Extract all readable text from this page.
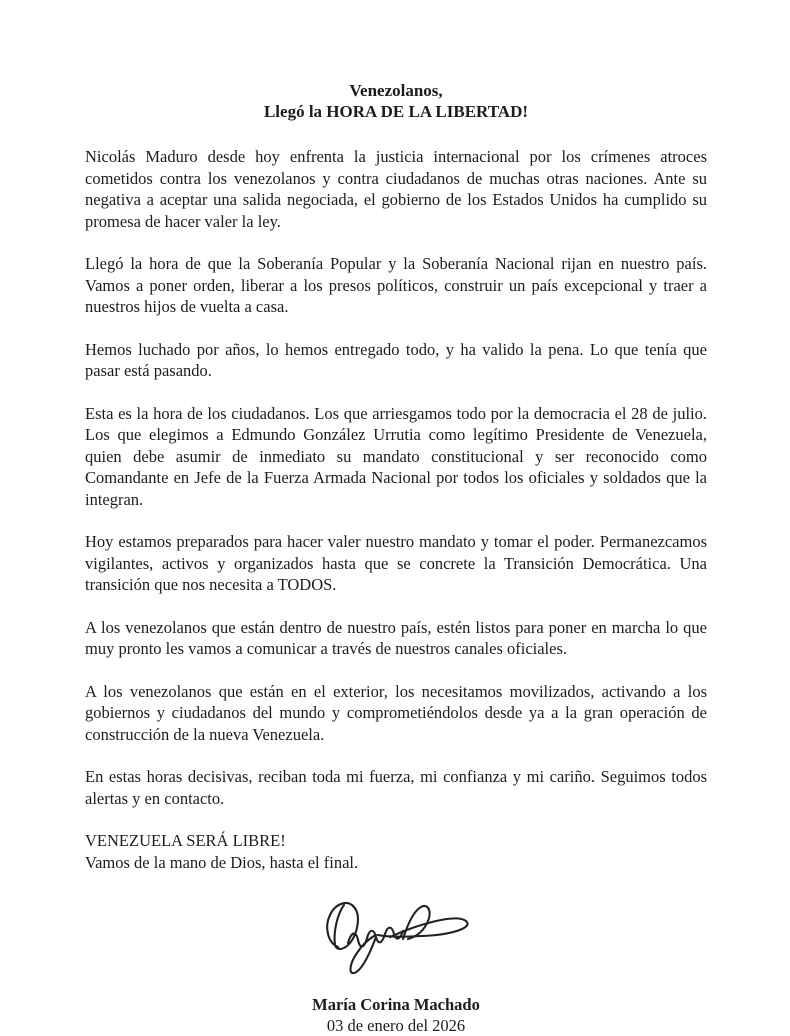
Venezolanos,
Llegó la HORA DE LA LIBERTAD!

Nicolás Maduro desde hoy enfrenta la justicia internacional por los crímenes atroces cometidos contra los venezolanos y contra ciudadanos de muchas otras naciones. Ante su negativa a aceptar una salida negociada, el gobierno de los Estados Unidos ha cumplido su promesa de hacer valer la ley.

Llegó la hora de que la Soberanía Popular y la Soberanía Nacional rijan en nuestro país. Vamos a poner orden, liberar a los presos políticos, construir un país excepcional y traer a nuestros hijos de vuelta a casa.

Hemos luchado por años, lo hemos entregado todo, y ha valido la pena. Lo que tenía que pasar está pasando.

Esta es la hora de los ciudadanos. Los que arriesgamos todo por la democracia el 28 de julio. Los que elegimos a Edmundo González Urrutia como legítimo Presidente de Venezuela, quien debe asumir de inmediato su mandato constitucional y ser reconocido como Comandante en Jefe de la Fuerza Armada Nacional por todos los oficiales y soldados que la integran.

Hoy estamos preparados para hacer valer nuestro mandato y tomar el poder. Permanezcamos vigilantes, activos y organizados hasta que se concrete la Transición Democrática. Una transición que nos necesita a TODOS.

A los venezolanos que están dentro de nuestro país, estén listos para poner en marcha lo que muy pronto les vamos a comunicar a través de nuestros canales oficiales.

A los venezolanos que están en el exterior, los necesitamos movilizados, activando a los gobiernos y ciudadanos del mundo y comprometiéndolos desde ya a la gran operación de construcción de la nueva Venezuela.

En estas horas decisivas, reciban toda mi fuerza, mi confianza y mi cariño. Seguimos todos alertas y en contacto.

VENEZUELA SERÁ LIBRE!
Vamos de la mano de Dios, hasta el final.
María Corina Machado
03 de enero del 2026
